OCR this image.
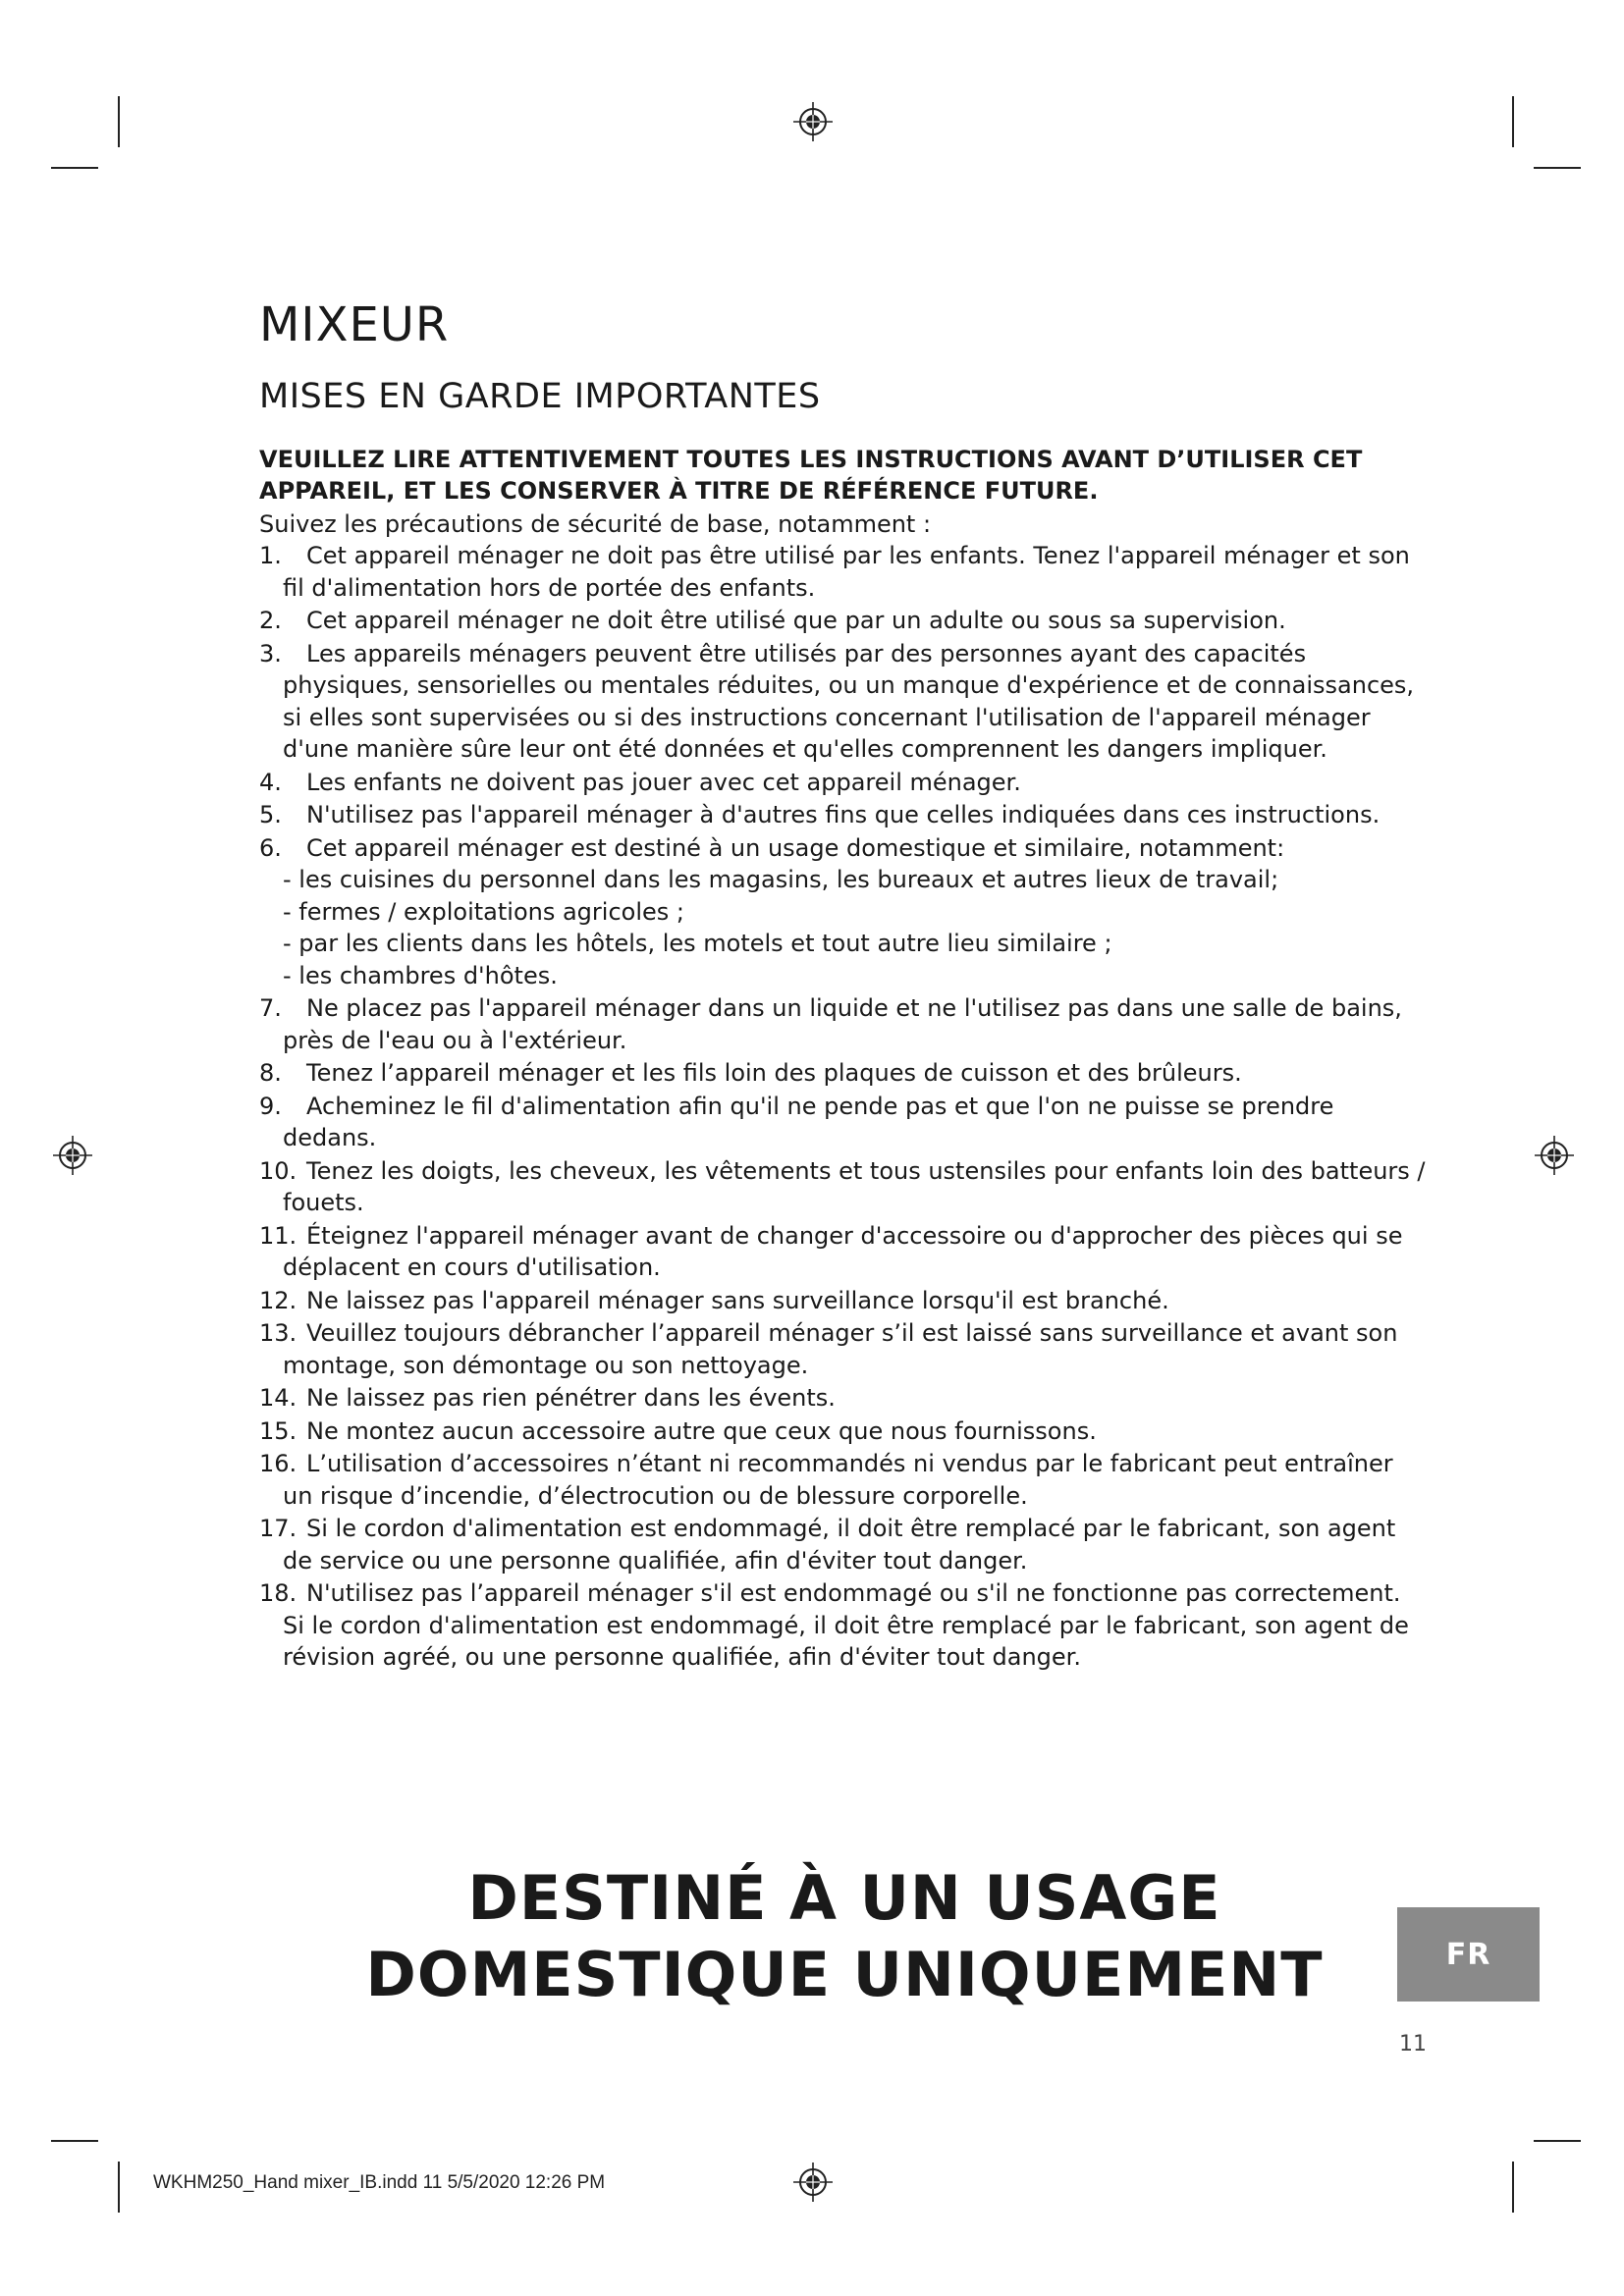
MIXEUR
MISES EN GARDE IMPORTANTES

VEUILLEZ LIRE ATTENTIVEMENT TOUTES LES INSTRUCTIONS AVANT D’UTILISER CET APPAREIL, ET LES CONSERVER À TITRE DE RÉFÉRENCE FUTURE.

Suivez les précautions de sécurité de base, notamment :

1.	Cet appareil ménager ne doit pas être utilisé par les enfants. Tenez l'appareil ménager et son fil d'alimentation hors de portée des enfants.
2.	Cet appareil ménager ne doit être utilisé que par un adulte ou sous sa supervision.
3.	Les appareils ménagers peuvent être utilisés par des personnes ayant des capacités physiques, sensorielles ou mentales réduites, ou un manque d'expérience et de connaissances, si elles sont supervisées ou si des instructions concernant l'utilisation de l'appareil ménager d'une manière sûre leur ont été données et qu'elles comprennent les dangers impliquer.
4.	Les enfants ne doivent pas jouer avec cet appareil ménager.
5.	N'utilisez pas l'appareil ménager à d'autres fins que celles indiquées dans ces instructions.
6.	Cet appareil ménager est destiné à un usage domestique et similaire, notamment:
- les cuisines du personnel dans les magasins, les bureaux et autres lieux de travail;
- fermes / exploitations agricoles ;
- par les clients dans les hôtels, les motels et tout autre lieu similaire ;
- les chambres d'hôtes.
7.	Ne placez pas l'appareil ménager dans un liquide et ne l'utilisez pas dans une salle de bains, près de l'eau ou à l'extérieur.
8.	Tenez l’appareil ménager et les fils loin des plaques de cuisson et des brûleurs.
9.	Acheminez le fil d'alimentation afin qu'il ne pende pas et que l'on ne puisse se prendre dedans.
10. Tenez les doigts, les cheveux, les vêtements et tous ustensiles pour enfants loin des batteurs / fouets.
11. Éteignez l'appareil ménager avant de changer d'accessoire ou d'approcher des pièces qui se déplacent en cours d'utilisation.
12. Ne laissez pas l'appareil ménager sans surveillance lorsqu'il est branché.
13. Veuillez toujours débrancher l’appareil ménager s’il est laissé sans surveillance et avant son montage, son démontage ou son nettoyage.
14. Ne laissez pas rien pénétrer dans les évents.
15. Ne montez aucun accessoire autre que ceux que nous fournissons.
16. L’utilisation d’accessoires n’étant ni recommandés ni vendus par le fabricant peut entraîner un risque d’incendie, d’électrocution ou de blessure corporelle.
17. Si le cordon d'alimentation est endommagé, il doit être remplacé par le fabricant, son agent de service ou une personne qualifiée, afin d'éviter tout danger.
18. N'utilisez pas l’appareil ménager s'il est endommagé ou s'il ne fonctionne pas correctement. Si le cordon d'alimentation est endommagé, il doit être remplacé par le fabricant, son agent de révision agréé, ou une personne qualifiée, afin d'éviter tout danger.
DESTINÉ À UN USAGE
DOMESTIQUE UNIQUEMENT	FR
11
WKHM250_Hand mixer_IB.indd 11 5/5/2020 12:26 PM
